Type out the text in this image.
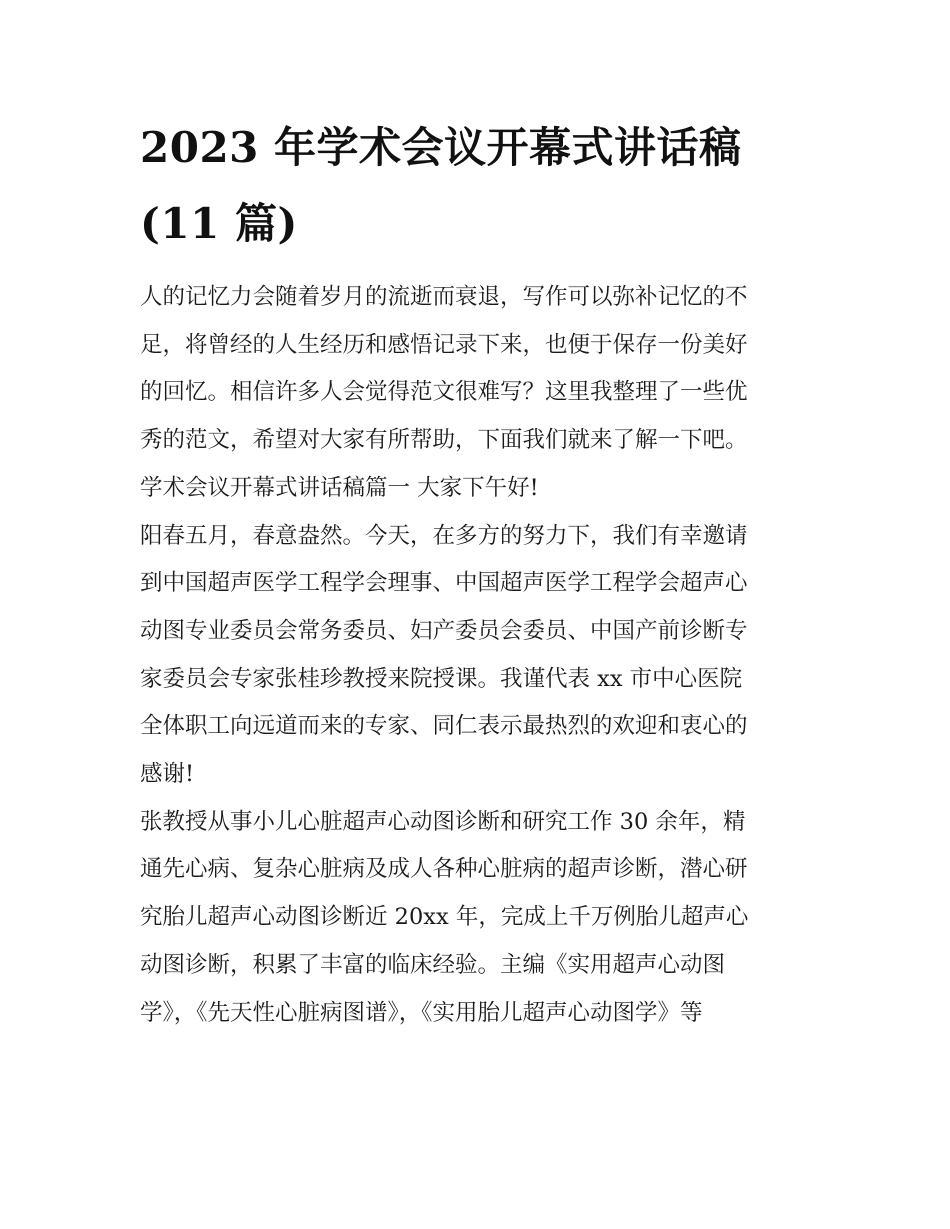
2023 年学术会议开幕式讲话稿
(11 篇)
人的记忆力会随着岁月的流逝而衰退，写作可以弥补记忆的不
足，将曾经的人生经历和感悟记录下来，也便于保存一份美好
的回忆。相信许多人会觉得范文很难写？这里我整理了一些优
秀的范文，希望对大家有所帮助，下面我们就来了解一下吧。
学术会议开幕式讲话稿篇一 大家下午好!
阳春五月，春意盎然。今天，在多方的努力下，我们有幸邀请
到中国超声医学工程学会理事、中国超声医学工程学会超声心
动图专业委员会常务委员、妇产委员会委员、中国产前诊断专
家委员会专家张桂珍教授来院授课。我谨代表 xx 市中心医院
全体职工向远道而来的专家、同仁表示最热烈的欢迎和衷心的
感谢!
张教授从事小儿心脏超声心动图诊断和研究工作 30 余年，精
通先心病、复杂心脏病及成人各种心脏病的超声诊断，潜心研
究胎儿超声心动图诊断近 20xx 年，完成上千万例胎儿超声心
动图诊断，积累了丰富的临床经验。主编《实用超声心动图
学》，《先天性心脏病图谱》，《实用胎儿超声心动图学》等
